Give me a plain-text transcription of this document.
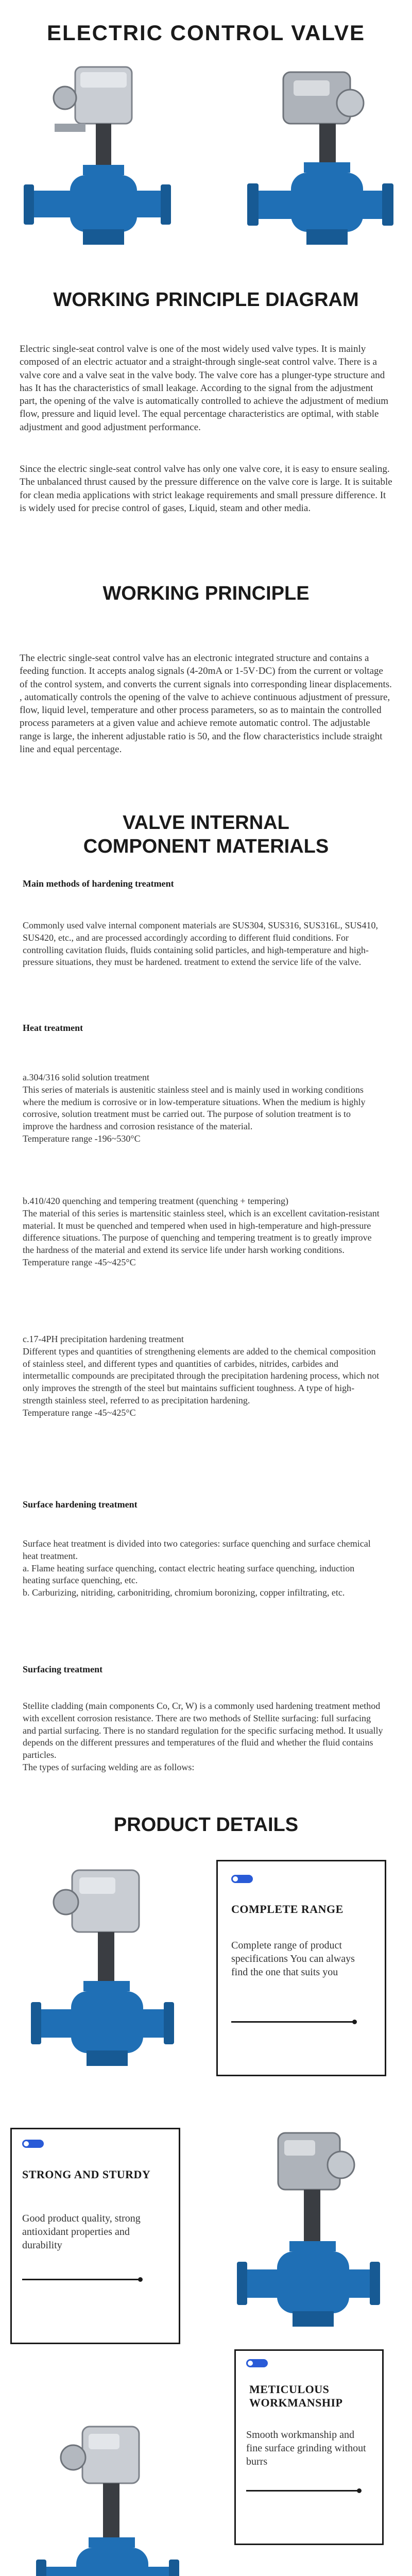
ELECTRIC CONTROL VALVE
WORKING PRINCIPLE DIAGRAM

Electric single-seat control valve is one of the most widely used valve types. It is mainly composed of an electric actuator and a straight-through single-seat control valve. There is a valve core and a valve seat in the valve body. The valve core has a plunger-type structure and has It has the characteristics of small leakage. According to the signal from the adjustment part, the opening of the valve is automatically controlled to achieve the adjustment of medium flow, pressure and liquid level. The equal percentage characteristics are optimal, with stable adjustment and good adjustment performance.

Since the electric single-seat control valve has only one valve core, it is easy to ensure sealing. The unbalanced thrust caused by the pressure difference on the valve core is large. It is suitable for clean media applications with strict leakage requirements and small pressure difference. It is widely used for precise control of gases, Liquid, steam and other media.

WORKING PRINCIPLE

The electric single-seat control valve has an electronic integrated structure and contains a feeding function. It accepts analog signals (4-20mA or 1-5V·DC) from the current or voltage of the control system, and converts the current signals into corresponding linear displacements. , automatically controls the opening of the valve to achieve continuous adjustment of pressure, flow, liquid level, temperature and other process parameters, so as to maintain the controlled process parameters at a given value and achieve remote automatic control. The adjustable range is large, the inherent adjustable ratio is 50, and the flow characteristics include straight line and equal percentage.

VALVE INTERNAL
COMPONENT MATERIALS

Main methods of hardening treatment

Commonly used valve internal component materials are SUS304, SUS316, SUS316L, SUS410, SUS420, etc., and are processed accordingly according to different fluid conditions. For controlling cavitation fluids, fluids containing solid particles, and high-temperature and high-pressure situations, they must be hardened. treatment to extend the service life of the valve.

Heat treatment

a.304/316 solid solution treatment
This series of materials is austenitic stainless steel and is mainly used in working conditions where the medium is corrosive or in low-temperature situations. When the medium is highly corrosive, solution treatment must be carried out. The purpose of solution treatment is to improve the hardness and corrosion resistance of the material.
Temperature range -196~530°C
b.410/420 quenching and tempering treatment (quenching + tempering)
The material of this series is martensitic stainless steel, which is an excellent cavitation-resistant material. It must be quenched and tempered when used in high-temperature and high-pressure difference situations. The purpose of quenching and tempering treatment is to greatly improve the hardness of the material and extend its service life under harsh working conditions.
Temperature range -45~425°C
c.17-4PH precipitation hardening treatment
Different types and quantities of strengthening elements are added to the chemical composition of stainless steel, and different types and quantities of carbides, nitrides, carbides and intermetallic compounds are precipitated through the precipitation hardening process, which not only improves the strength of the steel but maintains sufficient toughness. A type of high-strength stainless steel, referred to as precipitation hardening.
Temperature range -45~425°C

Surface hardening treatment

Surface heat treatment is divided into two categories: surface quenching and surface chemical heat treatment.
a. Flame heating surface quenching, contact electric heating surface quenching, induction heating surface quenching, etc.
b. Carburizing, nitriding, carbonitriding, chromium boronizing, copper infiltrating, etc.

Surfacing treatment

Stellite cladding (main components Co, Cr, W) is a commonly used hardening treatment method with excellent corrosion resistance. There are two methods of Stellite surfacing: full surfacing and partial surfacing. There is no standard regulation for the specific surfacing method. It usually depends on the different pressures and temperatures of the fluid and whether the fluid contains particles.
The types of surfacing welding are as follows:
PRODUCT DETAILS

COMPLETE RANGE

Complete range of product specifications You can always find the one that suits you

STRONG AND STURDY

Good product quality, strong antioxidant properties and durability

METICULOUS
WORKMANSHIP

Smooth workmanship and fine surface grinding without burrs
